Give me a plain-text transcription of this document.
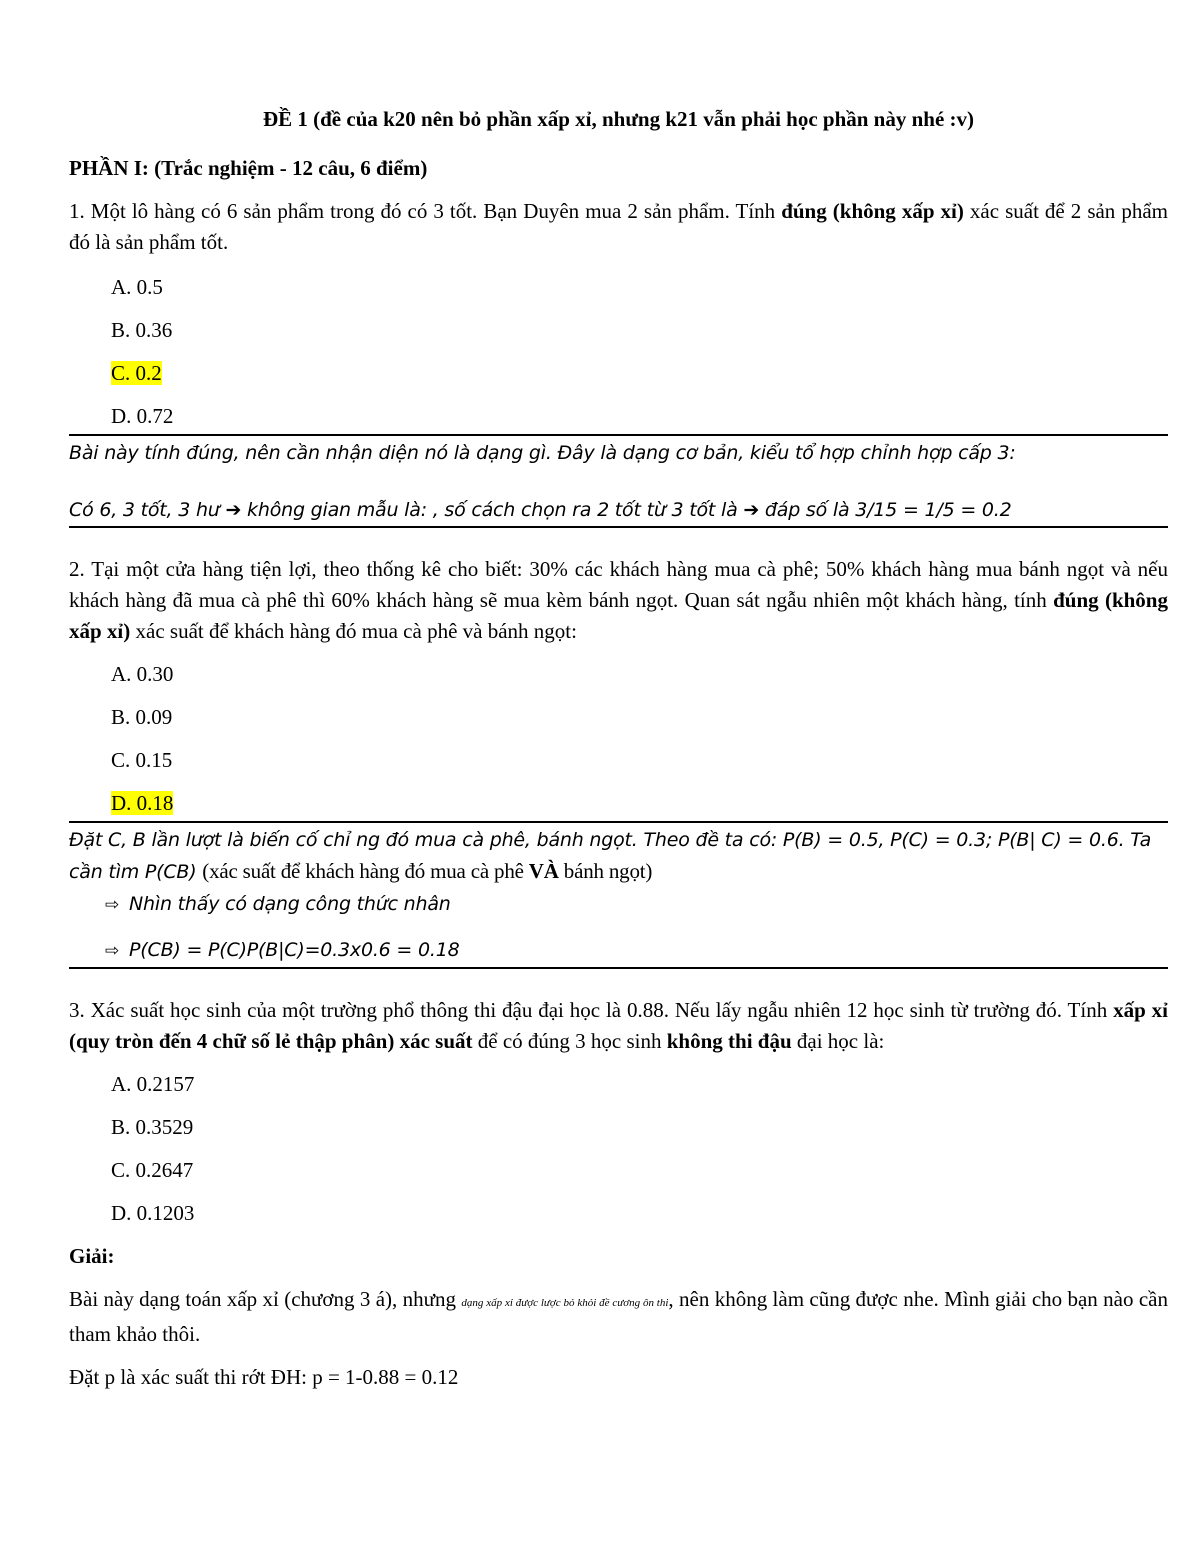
ĐỀ 1 (đề của k20 nên bỏ phần xấp xỉ, nhưng k21 vẫn phải học phần này nhé :v)
PHẦN I: (Trắc nghiệm - 12 câu, 6 điểm)
1. Một lô hàng có 6 sản phẩm trong đó có 3 tốt. Bạn Duyên mua 2 sản phẩm. Tính đúng (không xấp xỉ) xác suất để 2 sản phẩm đó là sản phẩm tốt.
A. 0.5
B. 0.36
C. 0.2
D. 0.72
Bài này tính đúng, nên cần nhận diện nó là dạng gì. Đây là dạng cơ bản, kiểu tổ hợp chỉnh hợp cấp 3:
Có 6, 3 tốt, 3 hư ➔ không gian mẫu là: , số cách chọn ra 2 tốt từ 3 tốt là ➔ đáp số là 3/15 = 1/5 = 0.2
2. Tại một cửa hàng tiện lợi, theo thống kê cho biết: 30% các khách hàng mua cà phê; 50% khách hàng mua bánh ngọt và nếu khách hàng đã mua cà phê thì 60% khách hàng sẽ mua kèm bánh ngọt. Quan sát ngẫu nhiên một khách hàng, tính đúng (không xấp xỉ) xác suất để khách hàng đó mua cà phê và bánh ngọt:
A. 0.30
B. 0.09
C. 0.15
D. 0.18
Đặt C, B lần lượt là biến cố chỉ ng đó mua cà phê, bánh ngọt. Theo đề ta có: P(B) = 0.5, P(C) = 0.3; P(B| C) = 0.6. Ta cần tìm P(CB) (xác suất để khách hàng đó mua cà phê VÀ bánh ngọt)
⇨ Nhìn thấy có dạng công thức nhân
⇨ P(CB) = P(C)P(B|C)=0.3x0.6 = 0.18
3. Xác suất học sinh của một trường phổ thông thi đậu đại học là 0.88. Nếu lấy ngẫu nhiên 12 học sinh từ trường đó. Tính xấp xỉ (quy tròn đến 4 chữ số lẻ thập phân) xác suất để có đúng 3 học sinh không thi đậu đại học là:
A. 0.2157
B. 0.3529
C. 0.2647
D. 0.1203
Giải:
Bài này dạng toán xấp xỉ (chương 3 á), nhưng dạng xấp xỉ được lược bỏ khỏi đề cương ôn thi, nên không làm cũng được nhe. Mình giải cho bạn nào cần tham khảo thôi.
Đặt p là xác suất thi rớt ĐH: p = 1-0.88 = 0.12
